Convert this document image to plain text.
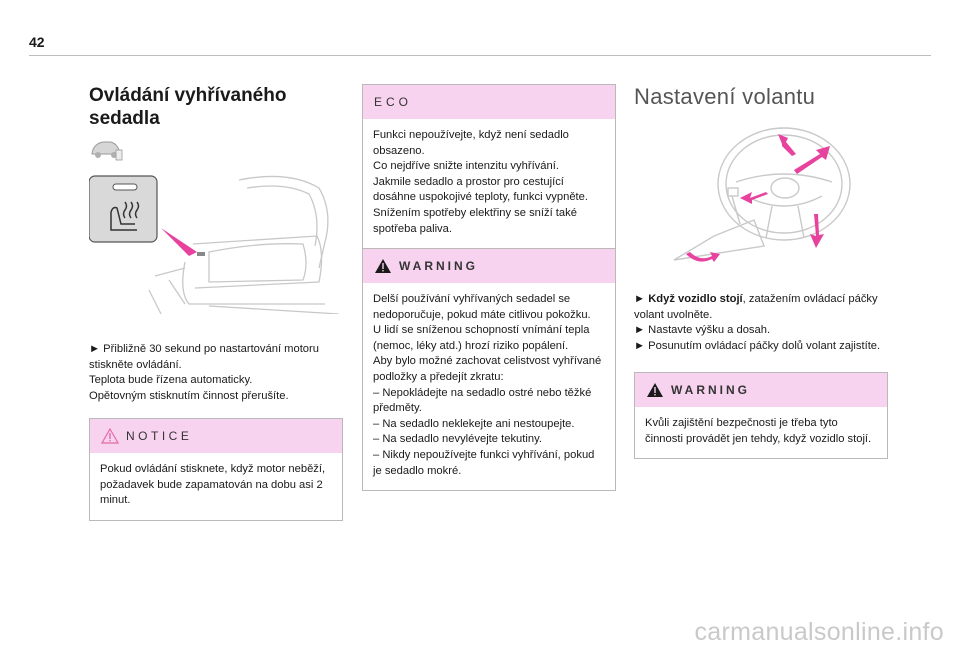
42
Ovládání vyhřívaného sedadla

► Přibližně 30 sekund po nastartování motoru stiskněte ovládání.
Teplota bude řízena automaticky.
Opětovným stisknutím činnost přerušíte.

NOTICE
Pokud ovládání stisknete, když motor neběží, požadavek bude zapamatován na dobu asi 2 minut.
ECO
Funkci nepoužívejte, když není sedadlo obsazeno.
Co nejdříve snižte intenzitu vyhřívání.
Jakmile sedadlo a prostor pro cestující dosáhne uspokojivé teploty, funkci vypněte.
Snížením spotřeby elektřiny se sníží také spotřeba paliva.
WARNING
Delší používání vyhřívaných sedadel se nedoporučuje, pokud máte citlivou pokožku.
U lidí se sníženou schopností vnímání tepla (nemoc, léky atd.) hrozí riziko popálení.
Aby bylo možné zachovat celistvost vyhřívané podložky a předejít zkratu:
– Nepokládejte na sedadlo ostré nebo těžké předměty.
– Na sedadlo neklekejte ani nestoupejte.
– Na sedadlo nevylévejte tekutiny.
– Nikdy nepoužívejte funkci vyhřívání, pokud je sedadlo mokré.
Nastavení volantu

► Když vozidlo stojí, zatažením ovládací páčky volant uvolněte.

► Nastavte výšku a dosah.

► Posunutím ovládací páčky dolů volant zajistíte.

WARNING
Kvůli zajištění bezpečnosti je třeba tyto činnosti provádět jen tehdy, když vozidlo stojí.
carmanualsonline.info
